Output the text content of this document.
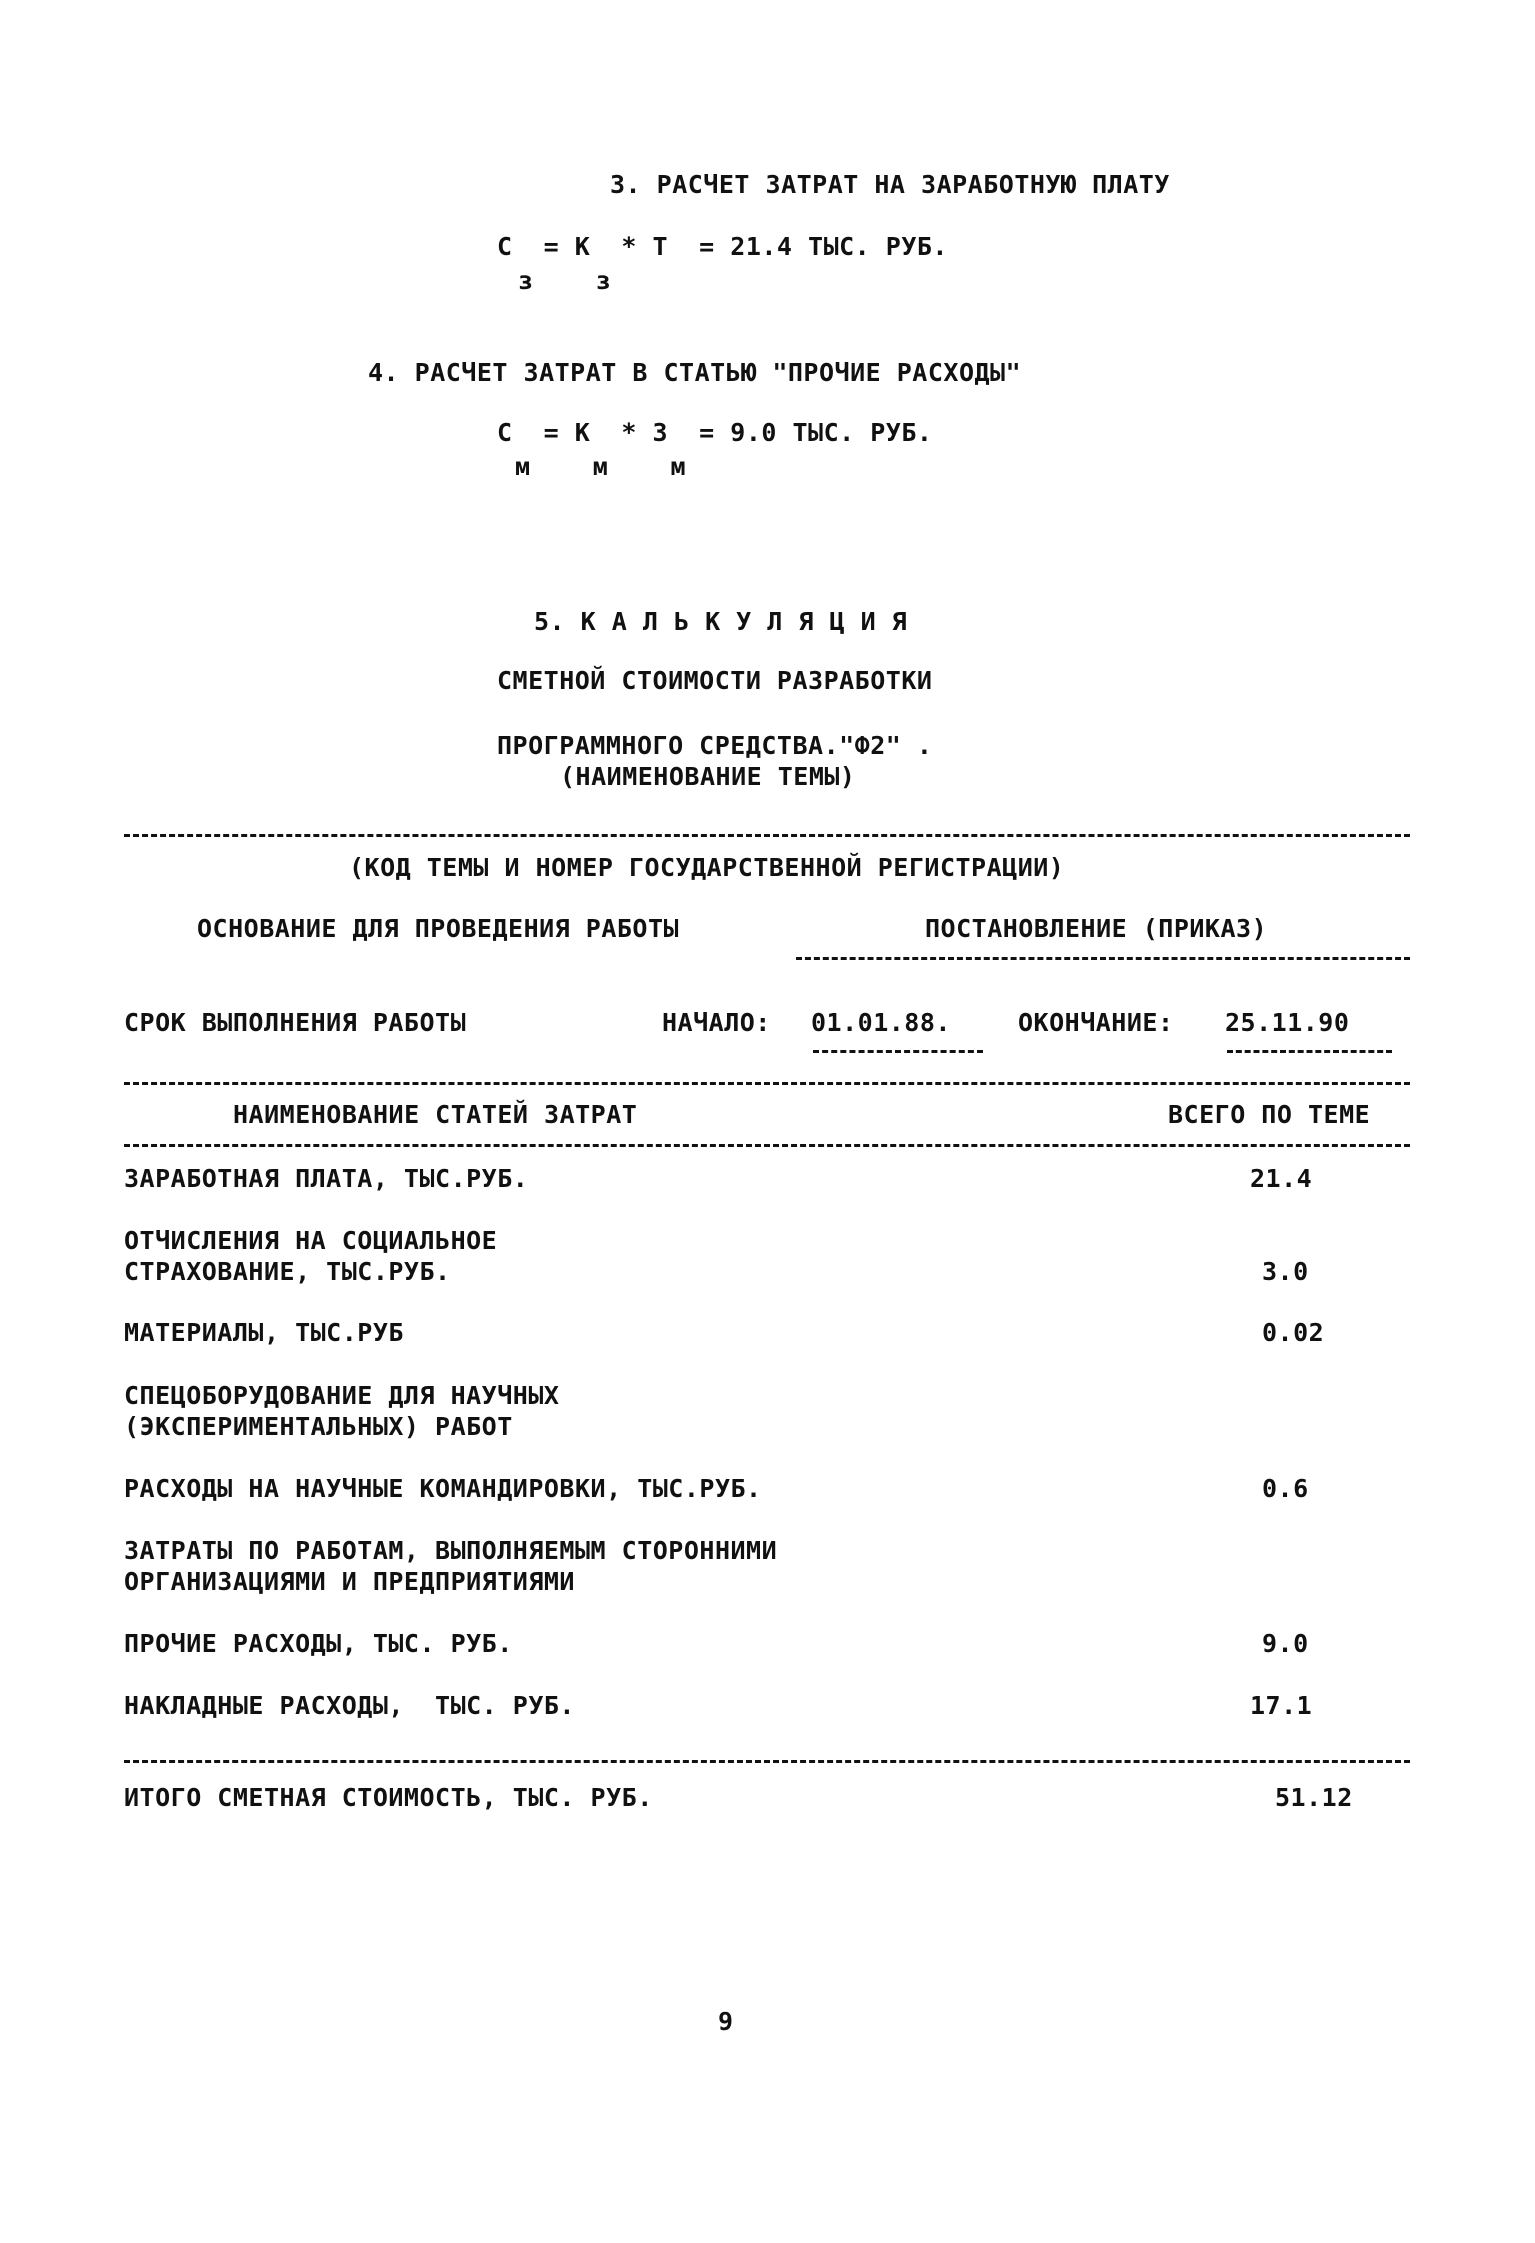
3. РАСЧЕТ ЗАТРАТ НА ЗАРАБОТНУЮ ПЛАТУ
C  = K  * T  = 21.4 ТЫС. РУБ.
з    з
4. РАСЧЕТ ЗАТРАТ В СТАТЬЮ "ПРОЧИЕ РАСХОДЫ"
C  = K  * З  = 9.0 ТЫС. РУБ.
м    м    м
5. К А Л Ь К У Л Я Ц И Я
СМЕТНОЙ СТОИМОСТИ РАЗРАБОТКИ
ПРОГРАММНОГО СРЕДСТВА."Ф2" .
(НАИМЕНОВАНИЕ ТЕМЫ)
(КОД ТЕМЫ И НОМЕР ГОСУДАРСТВЕННОЙ РЕГИСТРАЦИИ)
ОСНОВАНИЕ ДЛЯ ПРОВЕДЕНИЯ РАБОТЫ	ПОСТАНОВЛЕНИЕ (ПРИКАЗ)
СРОК ВЫПОЛНЕНИЯ РАБОТЫ	НАЧАЛО: 01.01.88.	ОКОНЧАНИЕ: 25.11.90
НАИМЕНОВАНИЕ СТАТЕЙ ЗАТРАТ	ВСЕГО ПО ТЕМЕ
ЗАРАБОТНАЯ ПЛАТА, ТЫС.РУБ.	21.4
ОТЧИСЛЕНИЯ НА СОЦИАЛЬНОЕ
СТРАХОВАНИЕ, ТЫС.РУБ.	3.0
МАТЕРИАЛЫ, ТЫС.РУБ	0.02
СПЕЦОБОРУДОВАНИЕ ДЛЯ НАУЧНЫХ
(ЭКСПЕРИМЕНТАЛЬНЫХ) РАБОТ
РАСХОДЫ НА НАУЧНЫЕ КОМАНДИРОВКИ, ТЫС.РУБ.	0.6
ЗАТРАТЫ ПО РАБОТАМ, ВЫПОЛНЯЕМЫМ СТОРОННИМИ
ОРГАНИЗАЦИЯМИ И ПРЕДПРИЯТИЯМИ
ПРОЧИЕ РАСХОДЫ, ТЫС. РУБ.	9.0
НАКЛАДНЫЕ РАСХОДЫ,  ТЫС. РУБ.	17.1
ИТОГО СМЕТНАЯ СТОИМОСТЬ, ТЫС. РУБ.	51.12
9
